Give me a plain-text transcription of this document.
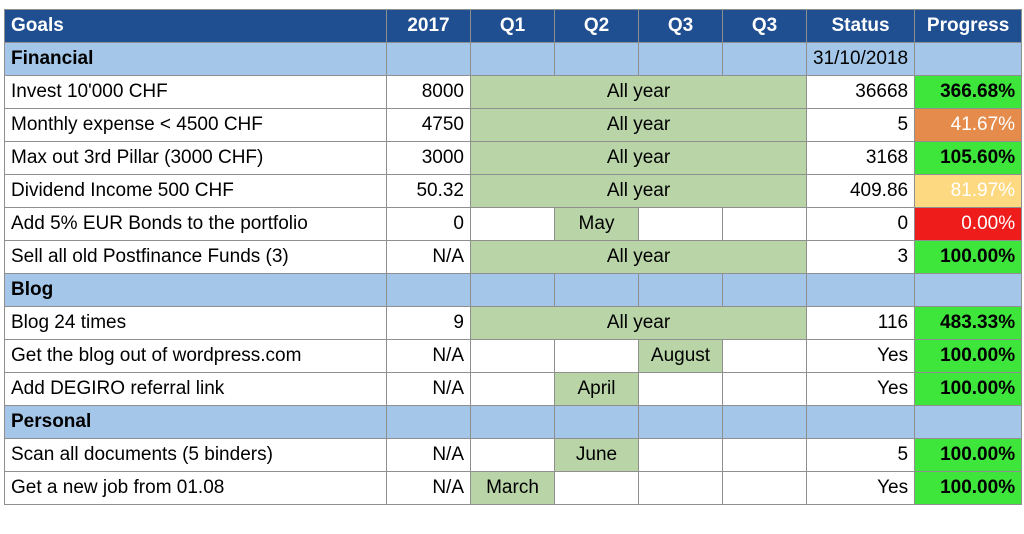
Goals	2017	Q1	Q2	Q3	Q3	Status	Progress
Financial						31/10/2018	
Invest 10'000 CHF	8000	All year				36668	366.68%
Monthly expense < 4500 CHF	4750	All year				5	41.67%
Max out 3rd Pillar (3000 CHF)	3000	All year				3168	105.60%
Dividend Income 500 CHF	50.32	All year				409.86	81.97%
Add 5% EUR Bonds to the portfolio	0		May			0	0.00%
Sell all old Postfinance Funds (3)	N/A	All year				3	100.00%
Blog							
Blog 24 times	9	All year				116	483.33%
Get the blog out of wordpress.com	N/A			August		Yes	100.00%
Add DEGIRO referral link	N/A		April			Yes	100.00%
Personal							
Scan all documents (5 binders)	N/A		June			5	100.00%
Get a new job from 01.08	N/A	March				Yes	100.00%
